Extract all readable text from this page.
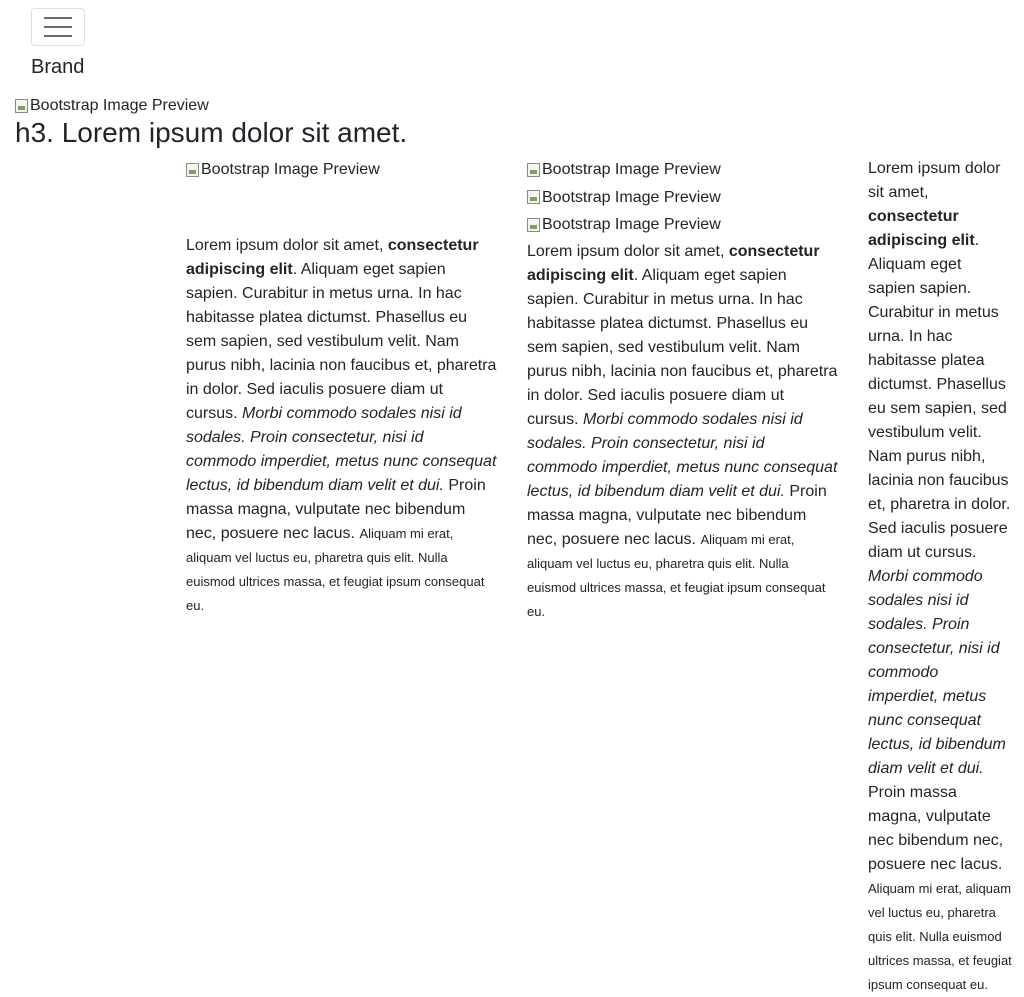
Brand
Bootstrap Image Preview
h3. Lorem ipsum dolor sit amet.
Bootstrap Image Preview

Lorem ipsum dolor sit amet, consectetur adipiscing elit. Aliquam eget sapien sapien. Curabitur in metus urna. In hac habitasse platea dictumst. Phasellus eu sem sapien, sed vestibulum velit. Nam purus nibh, lacinia non faucibus et, pharetra in dolor. Sed iaculis posuere diam ut cursus. Morbi commodo sodales nisi id sodales. Proin consectetur, nisi id commodo imperdiet, metus nunc consequat lectus, id bibendum diam velit et dui. Proin massa magna, vulputate nec bibendum nec, posuere nec lacus. Aliquam mi erat, aliquam vel luctus eu, pharetra quis elit. Nulla euismod ultrices massa, et feugiat ipsum consequat eu.

Bootstrap Image Preview

Bootstrap Image Preview

Bootstrap Image Preview

Lorem ipsum dolor sit amet, consectetur adipiscing elit. Aliquam eget sapien sapien. Curabitur in metus urna. In hac habitasse platea dictumst. Phasellus eu sem sapien, sed vestibulum velit. Nam purus nibh, lacinia non faucibus et, pharetra in dolor. Sed iaculis posuere diam ut cursus. Morbi commodo sodales nisi id sodales. Proin consectetur, nisi id commodo imperdiet, metus nunc consequat lectus, id bibendum diam velit et dui. Proin massa magna, vulputate nec bibendum nec, posuere nec lacus. Aliquam mi erat, aliquam vel luctus eu, pharetra quis elit. Nulla euismod ultrices massa, et feugiat ipsum consequat eu.

Lorem ipsum dolor sit amet, consectetur adipiscing elit. Aliquam eget sapien sapien. Curabitur in metus urna. In hac habitasse platea dictumst. Phasellus eu sem sapien, sed vestibulum velit. Nam purus nibh, lacinia non faucibus et, pharetra in dolor. Sed iaculis posuere diam ut cursus. Morbi commodo sodales nisi id sodales. Proin consectetur, nisi id commodo imperdiet, metus nunc consequat lectus, id bibendum diam velit et dui. Proin massa magna, vulputate nec bibendum nec, posuere nec lacus. Aliquam mi erat, aliquam vel luctus eu, pharetra quis elit. Nulla euismod ultrices massa, et feugiat ipsum consequat eu.
